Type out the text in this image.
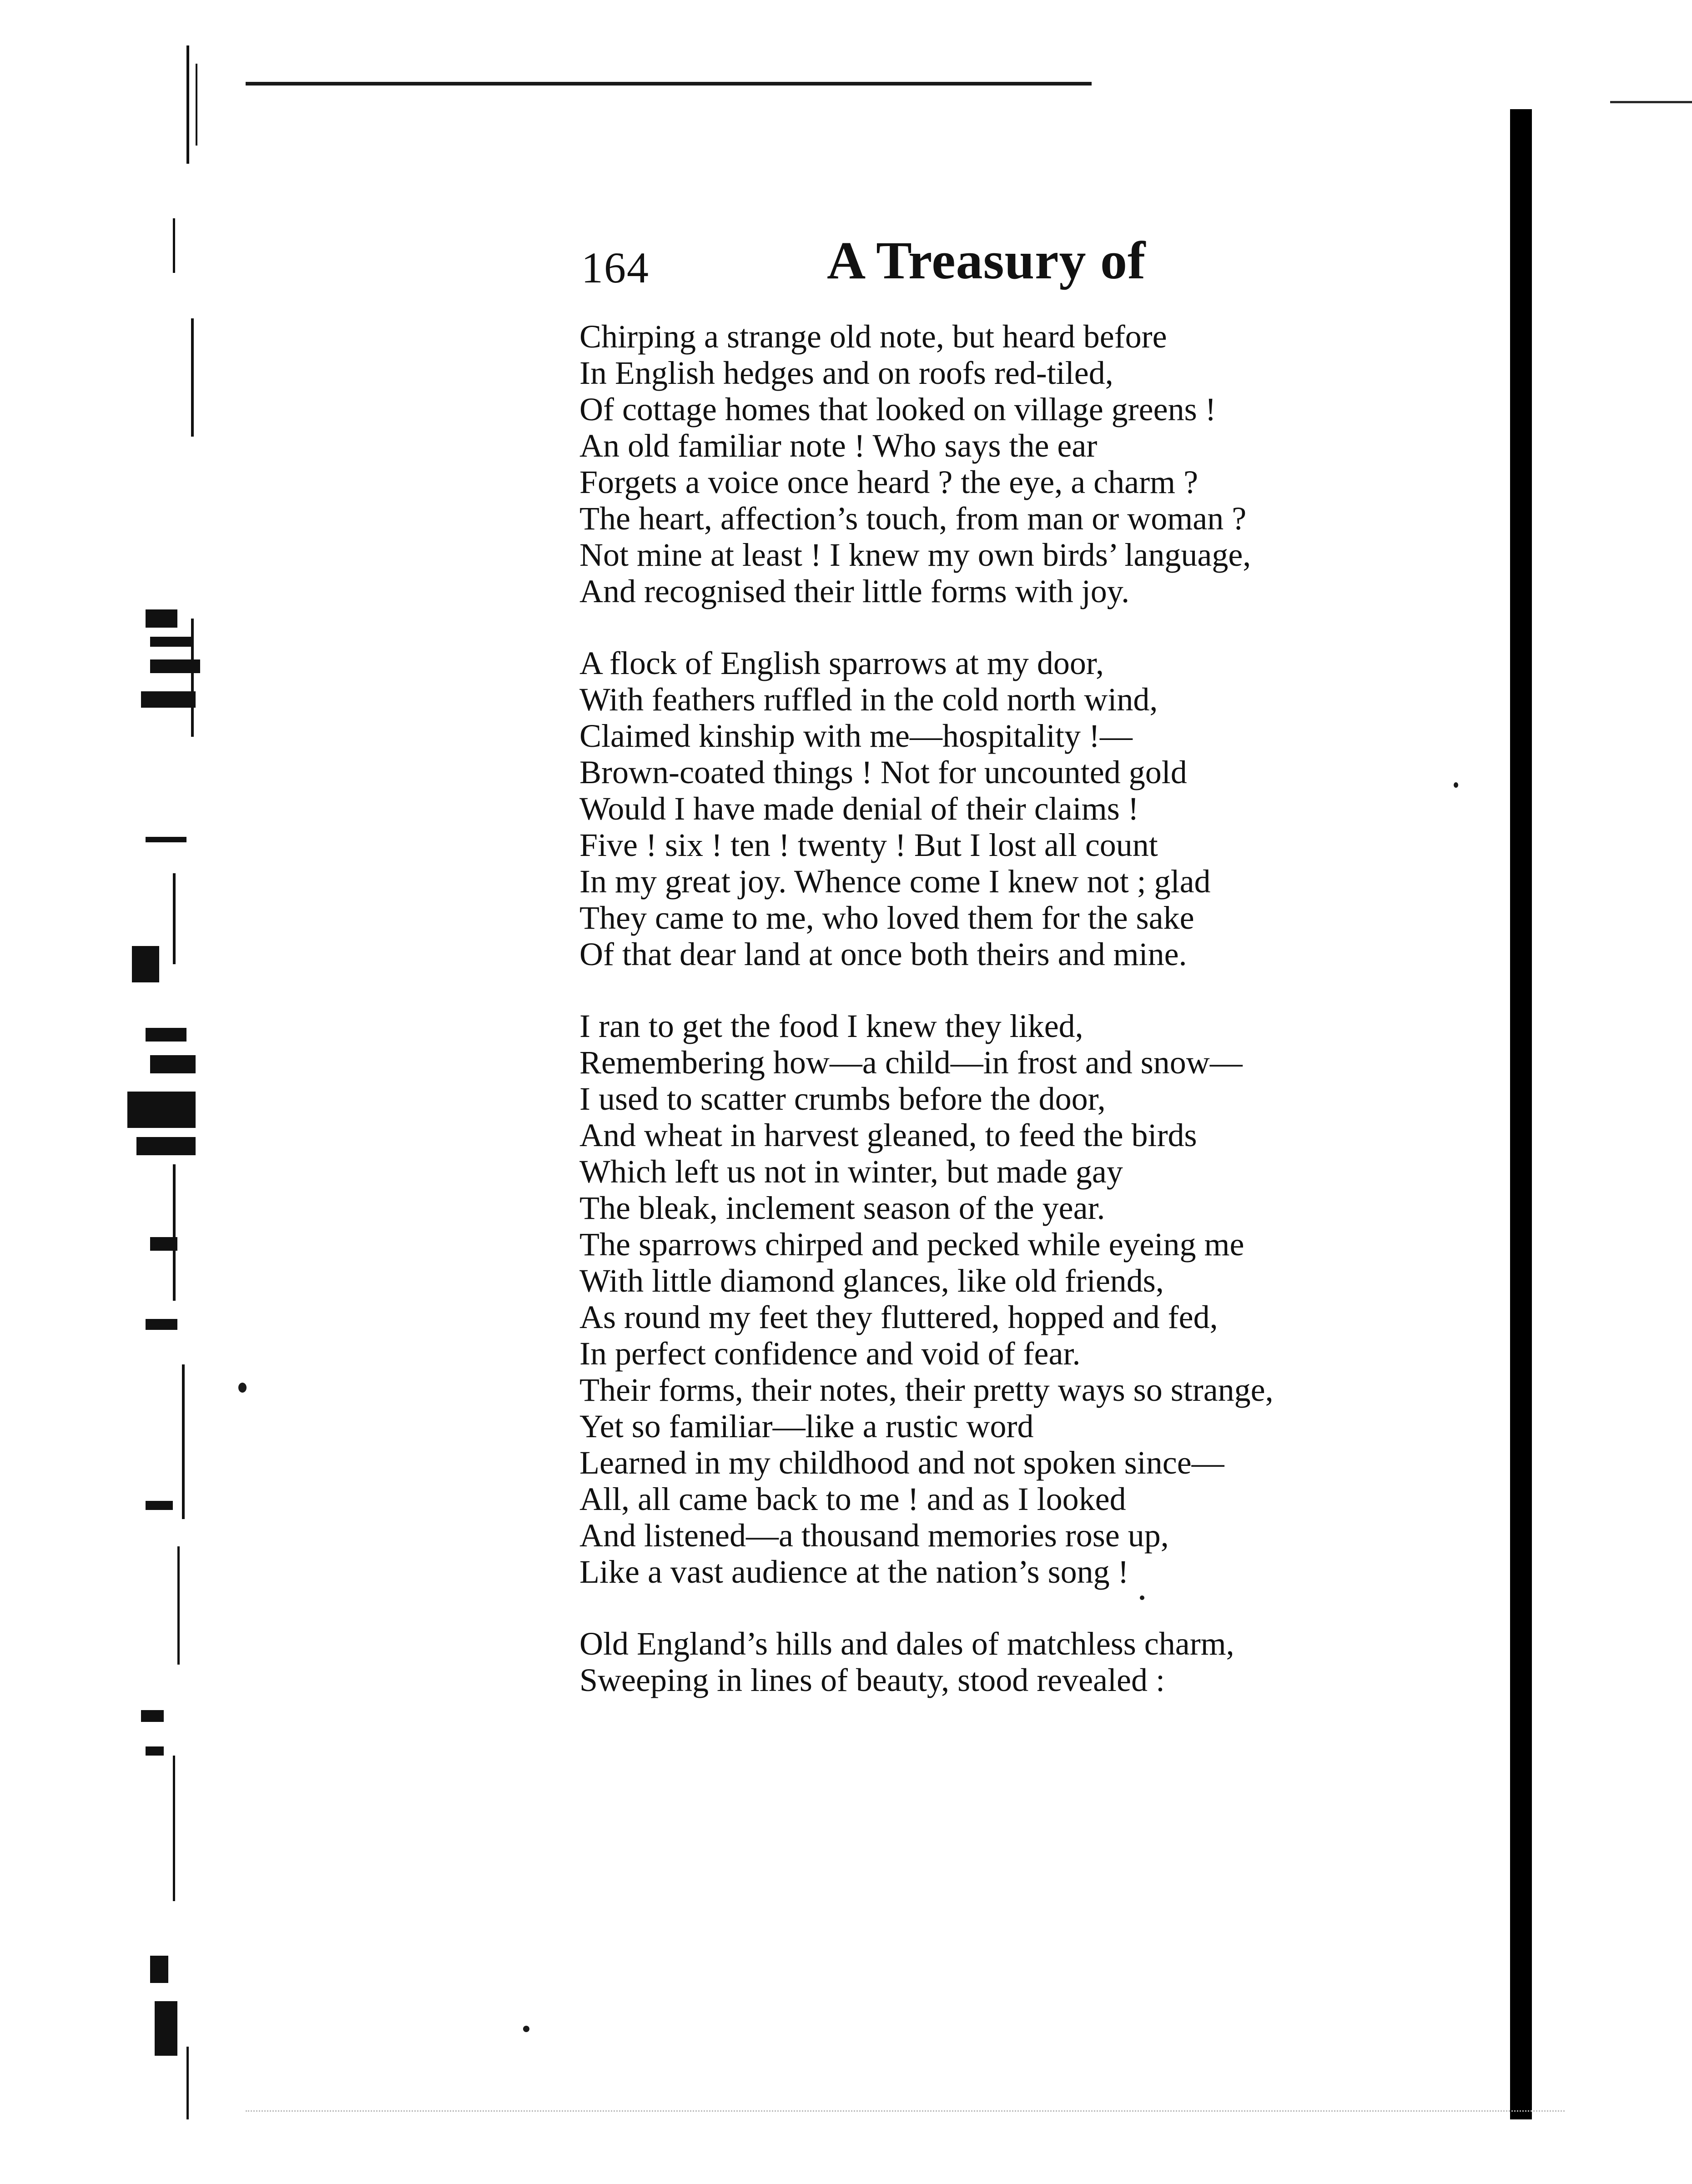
164	A Treasury of
Chirping a strange old note, but heard before
In English hedges and on roofs red-tiled,
Of cottage homes that looked on village greens !
An old familiar note ! Who says the ear
Forgets a voice once heard ? the eye, a charm ?
The heart, affection’s touch, from man or woman ?
Not mine at least ! I knew my own birds’ language,
And recognised their little forms with joy.
A flock of English sparrows at my door,
With feathers ruffled in the cold north wind,
Claimed kinship with me—hospitality !—
Brown-coated things ! Not for uncounted gold
Would I have made denial of their claims !
Five ! six ! ten ! twenty ! But I lost all count
In my great joy. Whence come I knew not ; glad
They came to me, who loved them for the sake
Of that dear land at once both theirs and mine.
I ran to get the food I knew they liked,
Remembering how—a child—in frost and snow—
I used to scatter crumbs before the door,
And wheat in harvest gleaned, to feed the birds
Which left us not in winter, but made gay
The bleak, inclement season of the year.
The sparrows chirped and pecked while eyeing me
With little diamond glances, like old friends,
As round my feet they fluttered, hopped and fed,
In perfect confidence and void of fear.
Their forms, their notes, their pretty ways so strange,
Yet so familiar—like a rustic word
Learned in my childhood and not spoken since—
All, all came back to me ! and as I looked
And listened—a thousand memories rose up,
Like a vast audience at the nation’s song !
Old England’s hills and dales of matchless charm,
Sweeping in lines of beauty, stood revealed :
